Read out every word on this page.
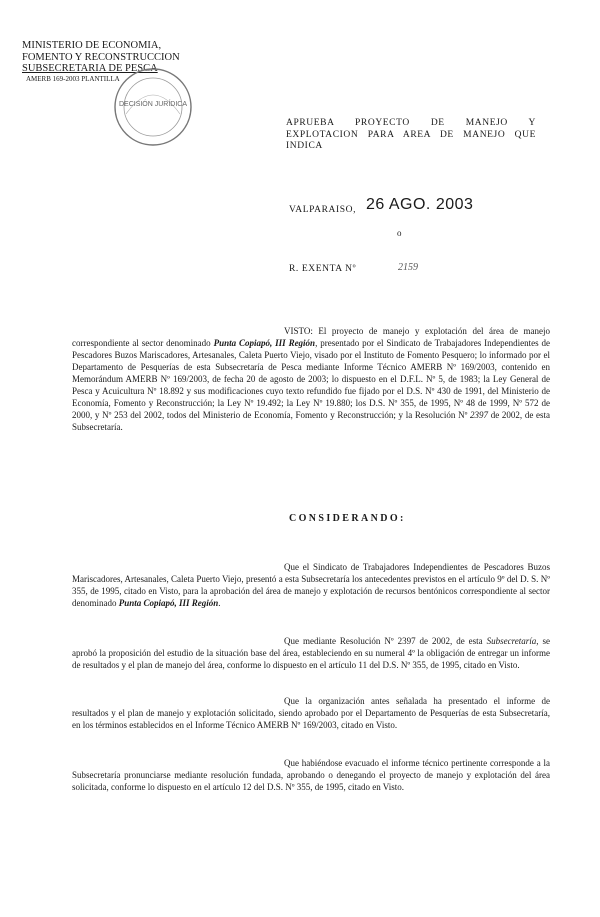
MINISTERIO DE ECONOMIA,
FOMENTO Y RECONSTRUCCION
SUBSECRETARIA DE PESCA
AMERB 169-2003 PLANTILLA
DECISIÓN JURÍDICA
APRUEBA PROYECTO DE MANEJO Y EXPLOTACION PARA AREA DE MANEJO QUE INDICA
VALPARAISO, 26 AGO. 2003
o
R. EXENTA Nº	2159
VISTO: El proyecto de manejo y explotación del área de manejo correspondiente al sector denominado Punta Copiapó, III Región, presentado por el Sindicato de Trabajadores Independientes de Pescadores Buzos Mariscadores, Artesanales, Caleta Puerto Viejo, visado por el Instituto de Fomento Pesquero; lo informado por el Departamento de Pesquerías de esta Subsecretaría de Pesca mediante Informe Técnico AMERB Nº 169/2003, contenido en Memorándum AMERB Nº 169/2003, de fecha 20 de agosto de 2003; lo dispuesto en el D.F.L. Nº 5, de 1983; la Ley General de Pesca y Acuicultura Nº 18.892 y sus modificaciones cuyo texto refundido fue fijado por el D.S. Nº 430 de 1991, del Ministerio de Economía, Fomento y Reconstrucción; la Ley Nº 19.492; la Ley Nº 19.880; los D.S. Nº 355, de 1995, Nº 48 de 1999, Nº 572 de 2000, y Nº 253 del 2002, todos del Ministerio de Economía, Fomento y Reconstrucción; y la Resolución Nº 2397 de 2002, de esta Subsecretaría.
CONSIDERANDO:
Que el Sindicato de Trabajadores Independientes de Pescadores Buzos Mariscadores, Artesanales, Caleta Puerto Viejo, presentó a esta Subsecretaría los antecedentes previstos en el artículo 9º del D. S. Nº 355, de 1995, citado en Visto, para la aprobación del área de manejo y explotación de recursos bentónicos correspondiente al sector denominado Punta Copiapó, III Región.
Que mediante Resolución Nº 2397 de 2002, de esta Subsecretaría, se aprobó la proposición del estudio de la situación base del área, estableciendo en su numeral 4º la obligación de entregar un informe de resultados y el plan de manejo del área, conforme lo dispuesto en el artículo 11 del D.S. Nº 355, de 1995, citado en Visto.
Que la organización antes señalada ha presentado el informe de resultados y el plan de manejo y explotación solicitado, siendo aprobado por el Departamento de Pesquerías de esta Subsecretaría, en los términos establecidos en el Informe Técnico AMERB Nº 169/2003, citado en Visto.
Que habiéndose evacuado el informe técnico pertinente corresponde a la Subsecretaría pronunciarse mediante resolución fundada, aprobando o denegando el proyecto de manejo y explotación del área solicitada, conforme lo dispuesto en el artículo 12 del D.S. Nº 355, de 1995, citado en Visto.
